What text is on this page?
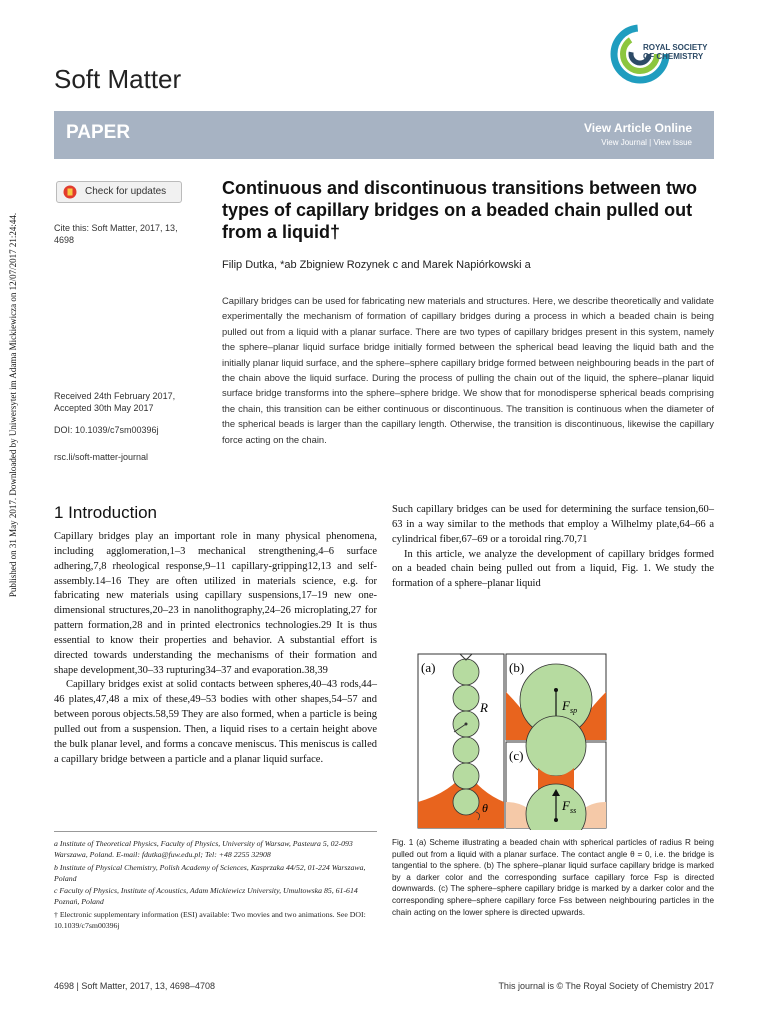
Published on 31 May 2017. Downloaded by Uniwersytet im Adama Mickiewicza on 12/07/2017 21:24:44.
ROYAL SOCIETY OF CHEMISTRY
Soft Matter
PAPER	View Article Online
View Journal | View Issue
Check for updates
Cite this: Soft Matter, 2017, 13, 4698
Received 24th February 2017,
Accepted 30th May 2017
DOI: 10.1039/c7sm00396j
rsc.li/soft-matter-journal
Continuous and discontinuous transitions between two types of capillary bridges on a beaded chain pulled out from a liquid†
Filip Dutka, *ab Zbigniew Rozynek c and Marek Napiórkowski a
Capillary bridges can be used for fabricating new materials and structures. Here, we describe theoretically and validate experimentally the mechanism of formation of capillary bridges during a process in which a beaded chain is being pulled out from a liquid with a planar surface. There are two types of capillary bridges present in this system, namely the sphere–planar liquid surface bridge initially formed between the spherical bead leaving the liquid bath and the initially planar liquid surface, and the sphere–sphere capillary bridge formed between neighbouring beads in the part of the chain above the liquid surface. During the process of pulling the chain out of the liquid, the sphere–planar liquid surface bridge transforms into the sphere–sphere bridge. We show that for monodisperse spherical beads comprising the chain, this transition can be either continuous or discontinuous. The transition is continuous when the diameter of the spherical beads is larger than the capillary length. Otherwise, the transition is discontinuous, likewise the capillary force acting on the chain.
1 Introduction

Capillary bridges play an important role in many physical phenomena, including agglomeration,1–3 mechanical strengthening,4–6 surface adhering,7,8 rheological response,9–11 capillary-gripping12,13 and self-assembly.14–16 They are often utilized in materials science, e.g. for fabricating new materials using capillary suspensions,17–19 new one-dimensional structures,20–23 in nanolithography,24–26 microplating,27 for pattern formation,28 and in printed electronics technologies.29 It is thus essential to know their properties and behavior. A substantial effort is directed towards understanding the mechanisms of their formation and shape development,30–33 rupturing34–37 and evaporation.38,39

Capillary bridges exist at solid contacts between spheres,40–43 rods,44–46 plates,47,48 a mix of these,49–53 bodies with other shapes,54–57 and between porous objects.58,59 They are also formed, when a particle is being pulled out from a suspension. Then, a liquid rises to a certain height above the bulk planar level, and forms a concave meniscus. This meniscus is called a capillary bridge between a particle and a planar liquid surface.

Such capillary bridges can be used for determining the surface tension,60–63 in a way similar to the methods that employ a Wilhelmy plate,64–66 a cylindrical fiber,67–69 or a toroidal ring.70,71

In this article, we analyze the development of capillary bridges formed on a beaded chain being pulled out from a liquid, Fig. 1. We study the formation of a sphere–planar liquid

a Institute of Theoretical Physics, Faculty of Physics, University of Warsaw, Pasteura 5, 02-093 Warszawa, Poland. E-mail: fdutka@fuw.edu.pl; Tel: +48 2255 32908

b Institute of Physical Chemistry, Polish Academy of Sciences, Kasprzaka 44/52, 01-224 Warszawa, Poland

c Faculty of Physics, Institute of Acoustics, Adam Mickiewicz University, Umultowska 85, 61-614 Poznań, Poland

† Electronic supplementary information (ESI) available: Two movies and two animations. See DOI: 10.1039/c7sm00396j

(a)
R
θ
(b)
$F_{sp}$
(c)
$F_{ss}$
Fig. 1 (a) Scheme illustrating a beaded chain with spherical particles of radius R being pulled out from a liquid with a planar surface. The contact angle θ = 0, i.e. the bridge is tangential to the sphere. (b) The sphere–planar liquid surface capillary bridge is marked by a darker color and the corresponding surface capillary force Fsp is directed downwards. (c) The sphere–sphere capillary bridge is marked by a darker color and the corresponding sphere–sphere capillary force Fss between neighbouring particles in the chain acting on the lower sphere is directed upwards.
4698 | Soft Matter, 2017, 13, 4698–4708	This journal is © The Royal Society of Chemistry 2017
